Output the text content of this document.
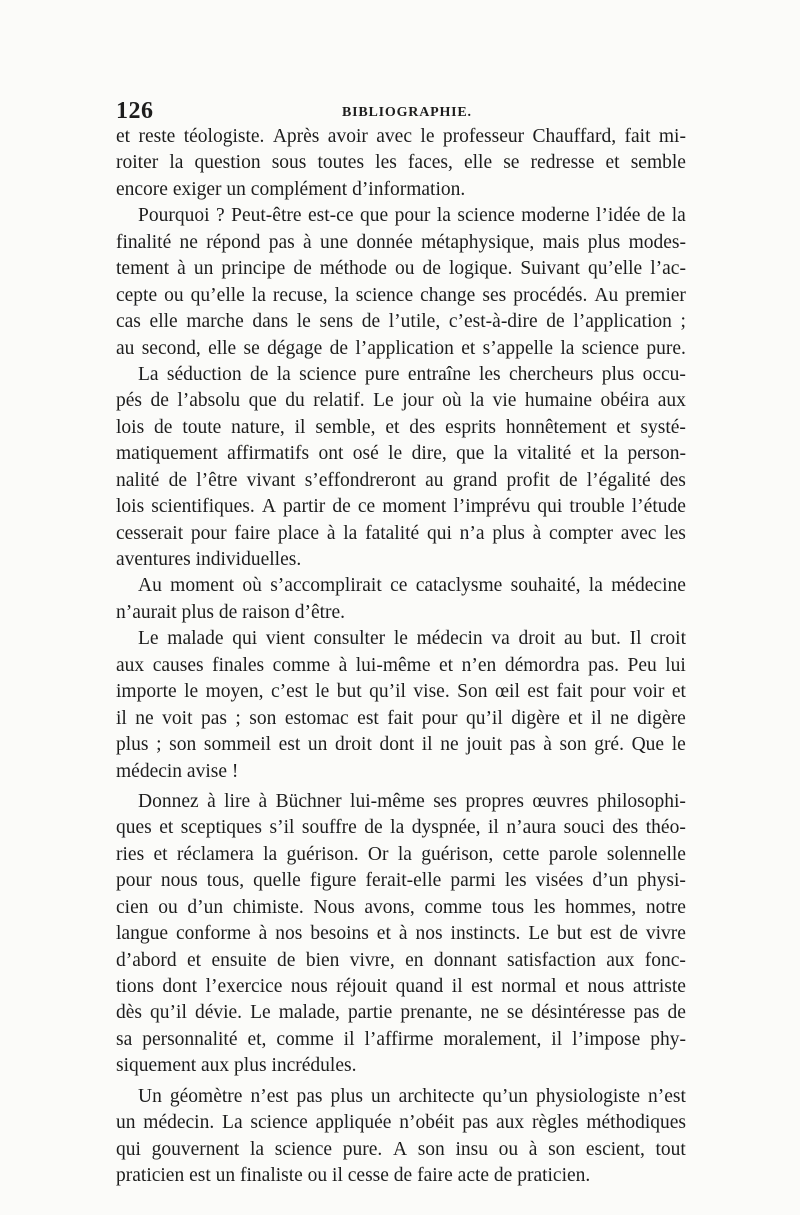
126	BIBLIOGRAPHIE.
et reste téologiste. Après avoir avec le professeur Chauffard, fait mi-
roiter la question sous toutes les faces, elle se redresse et semble
encore exiger un complément d’information.
Pourquoi ? Peut-être est-ce que pour la science moderne l’idée de la
finalité ne répond pas à une donnée métaphysique, mais plus modes-
tement à un principe de méthode ou de logique. Suivant qu’elle l’ac-
cepte ou qu’elle la recuse, la science change ses procédés. Au premier
cas elle marche dans le sens de l’utile, c’est-à-dire de l’application ;
au second, elle se dégage de l’application et s’appelle la science pure.
La séduction de la science pure entraîne les chercheurs plus occu-
pés de l’absolu que du relatif. Le jour où la vie humaine obéira aux
lois de toute nature, il semble, et des esprits honnêtement et systé-
matiquement affirmatifs ont osé le dire, que la vitalité et la person-
nalité de l’être vivant s’effondreront au grand profit de l’égalité des
lois scientifiques. A partir de ce moment l’imprévu qui trouble l’étude
cesserait pour faire place à la fatalité qui n’a plus à compter avec les
aventures individuelles.
Au moment où s’accomplirait ce cataclysme souhaité, la médecine
n’aurait plus de raison d’être.
Le malade qui vient consulter le médecin va droit au but. Il croit
aux causes finales comme à lui-même et n’en démordra pas. Peu lui
importe le moyen, c’est le but qu’il vise. Son œil est fait pour voir et
il ne voit pas ; son estomac est fait pour qu’il digère et il ne digère
plus ; son sommeil est un droit dont il ne jouit pas à son gré. Que le
médecin avise !
Donnez à lire à Büchner lui-même ses propres œuvres philosophi-
ques et sceptiques s’il souffre de la dyspnée, il n’aura souci des théo-
ries et réclamera la guérison. Or la guérison, cette parole solennelle
pour nous tous, quelle figure ferait-elle parmi les visées d’un physi-
cien ou d’un chimiste. Nous avons, comme tous les hommes, notre
langue conforme à nos besoins et à nos instincts. Le but est de vivre
d’abord et ensuite de bien vivre, en donnant satisfaction aux fonc-
tions dont l’exercice nous réjouit quand il est normal et nous attriste
dès qu’il dévie. Le malade, partie prenante, ne se désintéresse pas de
sa personnalité et, comme il l’affirme moralement, il l’impose phy-
siquement aux plus incrédules.
Un géomètre n’est pas plus un architecte qu’un physiologiste n’est
un médecin. La science appliquée n’obéit pas aux règles méthodiques
qui gouvernent la science pure. A son insu ou à son escient, tout
praticien est un finaliste ou il cesse de faire acte de praticien.
